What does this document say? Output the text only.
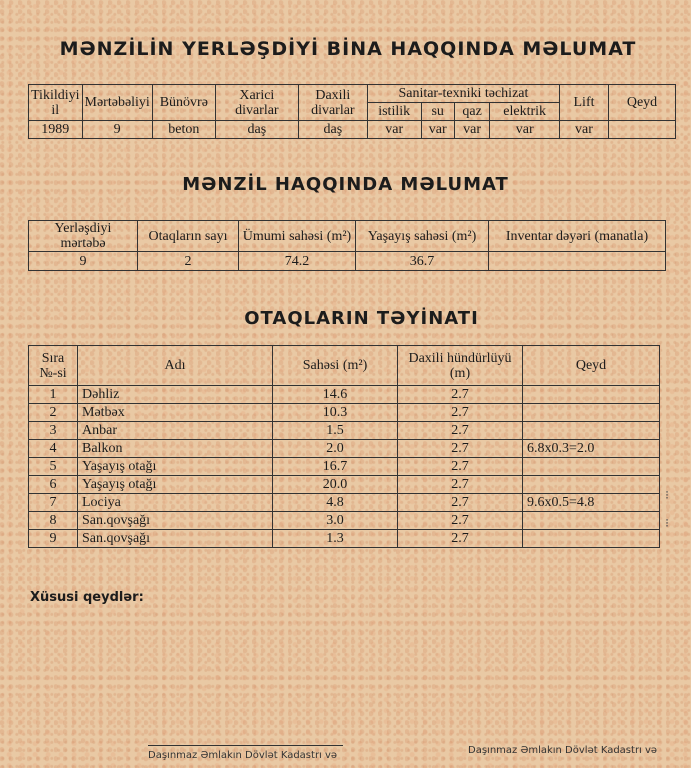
MƏNZİLİN YERLƏŞDİYİ BİNA HAQQINDA MƏLUMAT
Tikildiyi il	Mərtəbəliyi	Bünövrə	Xarici divarlar	Daxili divarlar	Sanitar-texniki təchizat				Lift	Qeyd
					istilik	su	qaz	elektrik		
1989	9	beton	daş	daş	var	var	var	var	var	
MƏNZİL HAQQINDA MƏLUMAT
Yerləşdiyi mərtəbə	Otaqların sayı	Ümumi sahəsi (m²)	Yaşayış sahəsi (m²)	Inventar dəyəri (manatla)
9	2	74.2	36.7	
OTAQLARIN TƏYİNATI
Sıra №-si	Adı	Sahəsi (m²)	Daxili hündürlüyü (m)	Qeyd
1	Dəhliz	14.6	2.7	
2	Mətbəx	10.3	2.7	
3	Anbar	1.5	2.7	
4	Balkon	2.0	2.7	6.8x0.3=2.0
5	Yaşayış otağı	16.7	2.7	
6	Yaşayış otağı	20.0	2.7	
7	Lociya	4.8	2.7	9.6x0.5=4.8
8	San.qovşağı	3.0	2.7	
9	San.qovşağı	1.3	2.7	
Xüsusi qeydlər:
Daşınmaz Əmlakın Dövlət Kadastrı və	Daşınmaz Əmlakın Dövlət Kadastrı və
⁝
⁝
